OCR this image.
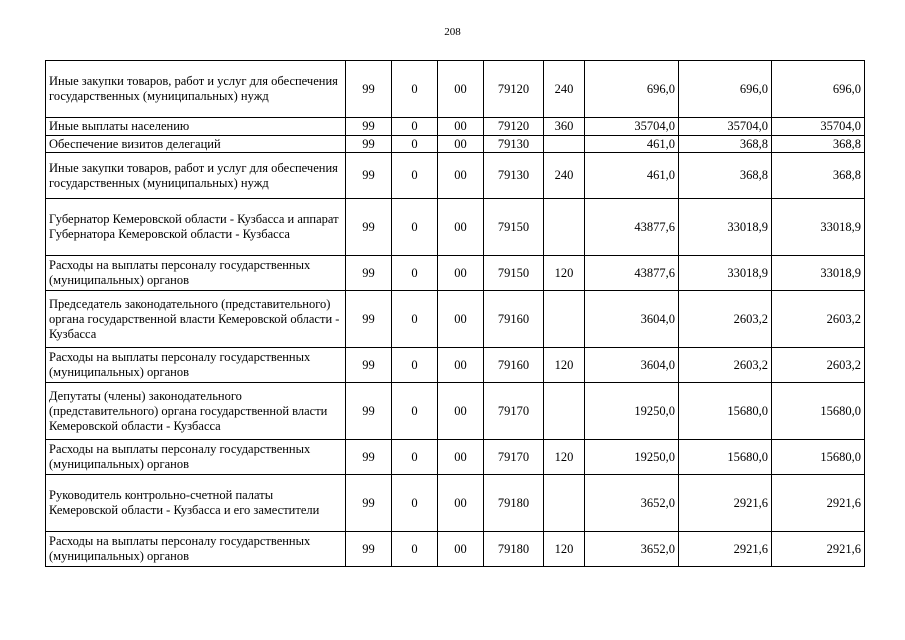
208
Иные закупки товаров, работ и услуг для обеспечения государственных (муниципальных) нужд	99	0	00	79120	240	696,0	696,0	696,0
Иные выплаты населению	99	0	00	79120	360	35704,0	35704,0	35704,0
Обеспечение визитов делегаций	99	0	00	79130		461,0	368,8	368,8
Иные закупки товаров, работ и услуг для обеспечения государственных (муниципальных) нужд	99	0	00	79130	240	461,0	368,8	368,8
Губернатор Кемеровской области - Кузбасса и аппарат Губернатора Кемеровской области - Кузбасса	99	0	00	79150		43877,6	33018,9	33018,9
Расходы на выплаты персоналу государственных (муниципальных) органов	99	0	00	79150	120	43877,6	33018,9	33018,9
Председатель законодательного (представительного) органа государственной власти Кемеровской области - Кузбасса	99	0	00	79160		3604,0	2603,2	2603,2
Расходы на выплаты персоналу государственных (муниципальных) органов	99	0	00	79160	120	3604,0	2603,2	2603,2
Депутаты (члены) законодательного (представительного) органа государственной власти Кемеровской области - Кузбасса	99	0	00	79170		19250,0	15680,0	15680,0
Расходы на выплаты персоналу государственных (муниципальных) органов	99	0	00	79170	120	19250,0	15680,0	15680,0
Руководитель контрольно-счетной палаты Кемеровской области - Кузбасса и его заместители	99	0	00	79180		3652,0	2921,6	2921,6
Расходы на выплаты персоналу государственных (муниципальных) органов	99	0	00	79180	120	3652,0	2921,6	2921,6
